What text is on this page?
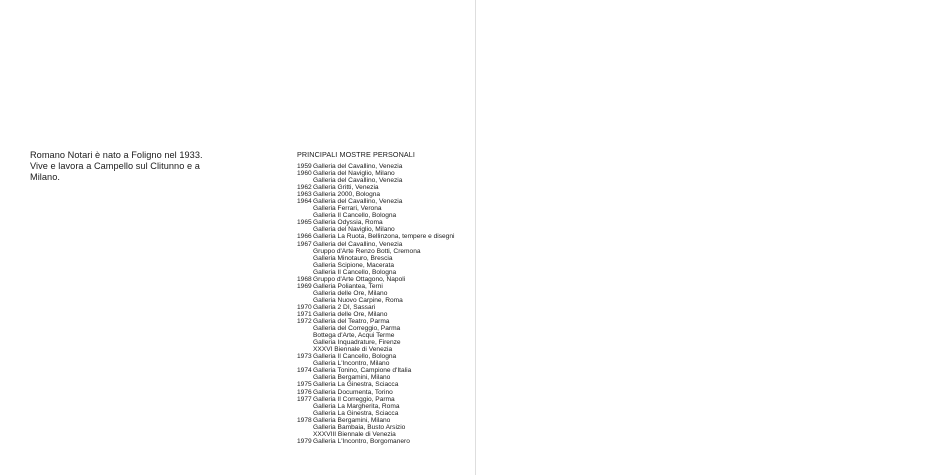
Romano Notari è nato a Foligno nel 1933.

Vive e lavora a Campello sul Clitunno e a

Milano.

PRINCIPALI MOSTRE PERSONALI
1959 Galleria del Cavallino, Venezia
1960 Galleria del Naviglio, Milano
Galleria del Cavallino, Venezia
1962 Galleria Gritti, Venezia
1963 Galleria 2000, Bologna
1964 Galleria del Cavallino, Venezia
Galleria Ferrari, Verona
Galleria Il Cancello, Bologna
1965 Galleria Odyssia, Roma
Galleria del Naviglio, Milano
1966 Galleria La Ruota, Bellinzona, tempere e disegni
1967 Galleria del Cavallino, Venezia
Gruppo d'Arte Renzo Botti, Cremona
Galleria Minotauro, Brescia
Galleria Scipione, Macerata
Galleria Il Cancello, Bologna
1968 Gruppo d'Arte Ottagono, Napoli
1969 Galleria Poliantea, Terni
Galleria delle Ore, Milano
Galleria Nuovo Carpine, Roma
1970 Galleria 2 DI, Sassari
1971 Galleria delle Ore, Milano
1972 Galleria del Teatro, Parma
Galleria del Correggio, Parma
Bottega d'Arte, Acqui Terme
Galleria Inquadrature, Firenze
XXXVI Biennale di Venezia
1973 Galleria Il Cancello, Bologna
Galleria L'Incontro, Milano
1974 Galleria Tonino, Campione d'Italia
Galleria Bergamini, Milano
1975 Galleria La Ginestra, Sciacca
1976 Galleria Documenta, Torino
1977 Galleria Il Correggio, Parma
Galleria La Margherita, Roma
Galleria La Ginestra, Sciacca
1978 Galleria Bergamini, Milano
Galleria Bambaia, Busto Arsizio
XXXVIII Biennale di Venezia
1979 Galleria L'Incontro, Borgomanero
